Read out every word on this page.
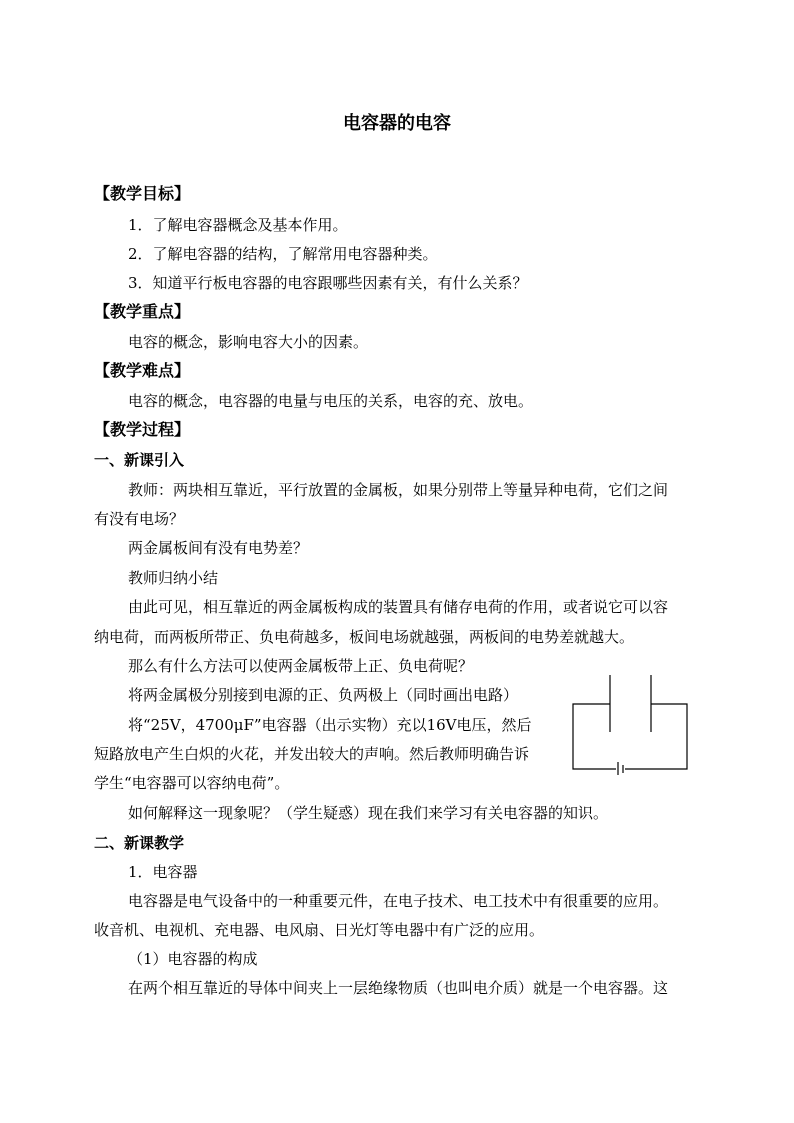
电容器的电容
【教学目标】
1．了解电容器概念及基本作用。
2．了解电容器的结构，了解常用电容器种类。
3．知道平行板电容器的电容跟哪些因素有关，有什么关系？
【教学重点】
电容的概念，影响电容大小的因素。
【教学难点】
电容的概念，电容器的电量与电压的关系，电容的充、放电。
【教学过程】
一、新课引入
教师：两块相互靠近，平行放置的金属板，如果分别带上等量异种电荷，它们之间
有没有电场？
两金属板间有没有电势差？
教师归纳小结
由此可见，相互靠近的两金属板构成的装置具有储存电荷的作用，或者说它可以容
纳电荷，而两板所带正、负电荷越多，板间电场就越强，两板间的电势差就越大。
那么有什么方法可以使两金属板带上正、负电荷呢？
将两金属极分别接到电源的正、负两极上（同时画出电路）
将“25V，4700μF”电容器（出示实物）充以16V电压，然后
短路放电产生白炽的火花，并发出较大的声响。然后教师明确告诉
学生“电容器可以容纳电荷”。
如何解释这一现象呢？（学生疑惑）现在我们来学习有关电容器的知识。
二、新课教学
1．电容器
电容器是电气设备中的一种重要元件，在电子技术、电工技术中有很重要的应用。
收音机、电视机、充电器、电风扇、日光灯等电器中有广泛的应用。
（1）电容器的构成
在两个相互靠近的导体中间夹上一层绝缘物质（也叫电介质）就是一个电容器。这
